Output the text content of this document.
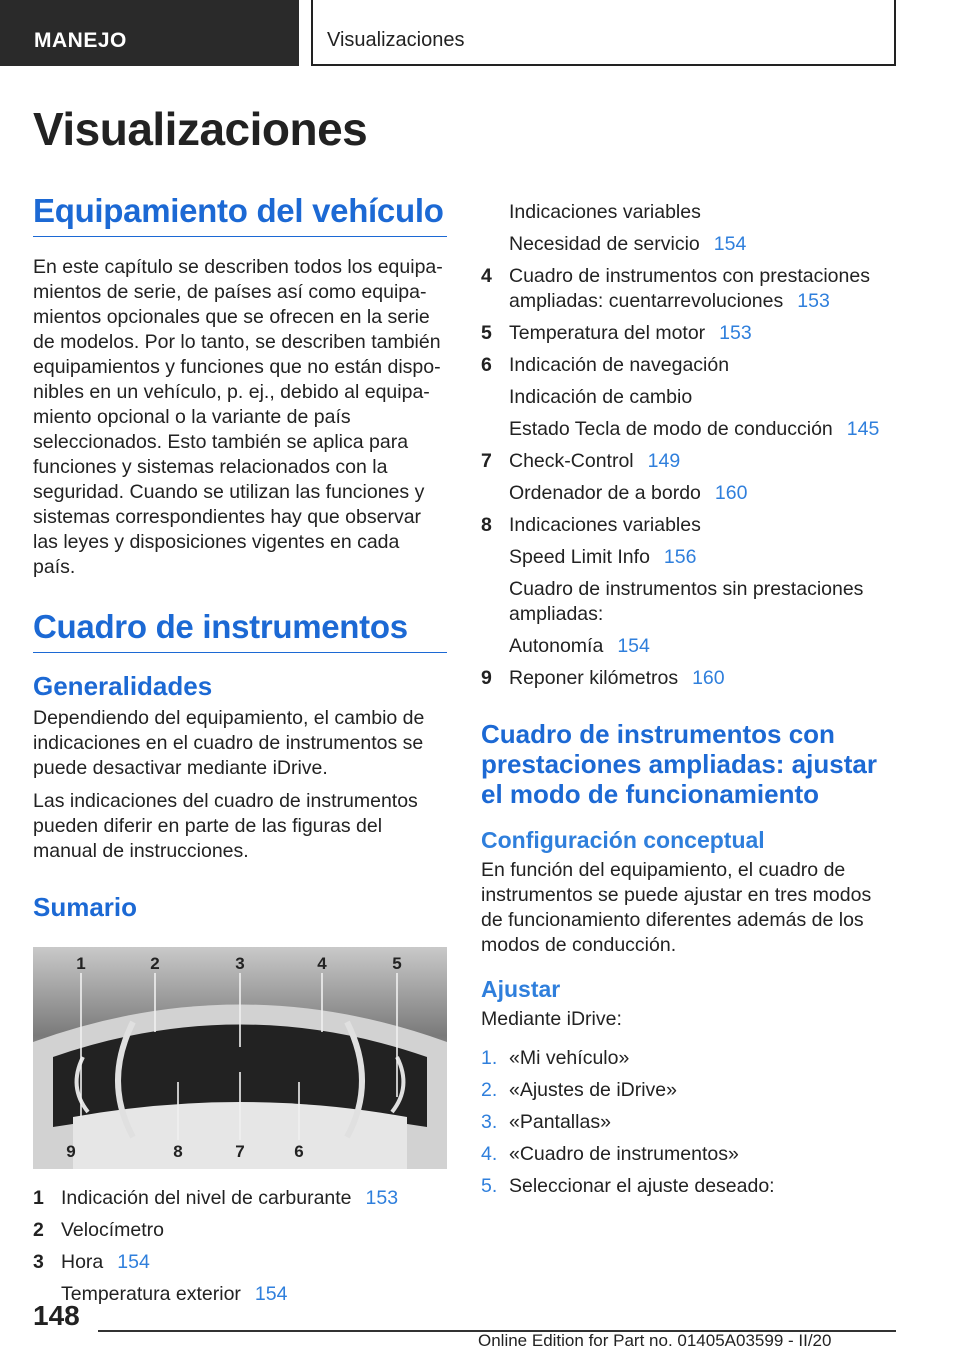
MANEJO	Visualizaciones
Visualizaciones
Equipamiento del vehículo

En este capítulo se describen todos los equipamientos de serie, de países así como equipamientos opcionales que se ofrecen en la serie de modelos. Por lo tanto, se describen también equipamientos y funciones que no están disponibles en un vehículo, p. ej., debido al equipamiento opcional o la variante de país seleccionados. Esto también se aplica para funciones y sistemas relacionados con la seguridad. Cuando se utilizan las funciones y sistemas correspondientes hay que observar las leyes y disposiciones vigentes en cada país.

Cuadro de instrumentos
Generalidades

Dependiendo del equipamiento, el cambio de indicaciones en el cuadro de instrumentos se puede desactivar mediante iDrive.

Las indicaciones del cuadro de instrumentos pueden diferir en parte de las figuras del manual de instrucciones.

Sumario
1	2	3	4	5
9	8	7	6
1 Indicación del nivel de carburante 153
2 Velocímetro
3 Hora 154
Temperatura exterior 154
Indicaciones variables
Necesidad de servicio 154
4 Cuadro de instrumentos con prestaciones ampliadas: cuentarrevoluciones 153
5 Temperatura del motor 153
6 Indicación de navegación
Indicación de cambio
Estado Tecla de modo de conducción 145
7 Check-Control 149
Ordenador de a bordo 160
8 Indicaciones variables
Speed Limit Info 156
Cuadro de instrumentos sin prestaciones ampliadas:
Autonomía 154
9 Reponer kilómetros 160
Cuadro de instrumentos con prestaciones ampliadas: ajustar el modo de funcionamiento
Configuración conceptual

En función del equipamiento, el cuadro de instrumentos se puede ajustar en tres modos de funcionamiento diferentes además de los modos de conducción.

Ajustar

Mediante iDrive:

1. «Mi vehículo»
2. «Ajustes de iDrive»
3. «Pantallas»
4. «Cuadro de instrumentos»
5. Seleccionar el ajuste deseado:
148
Online Edition for Part no. 01405A03599 - II/20
